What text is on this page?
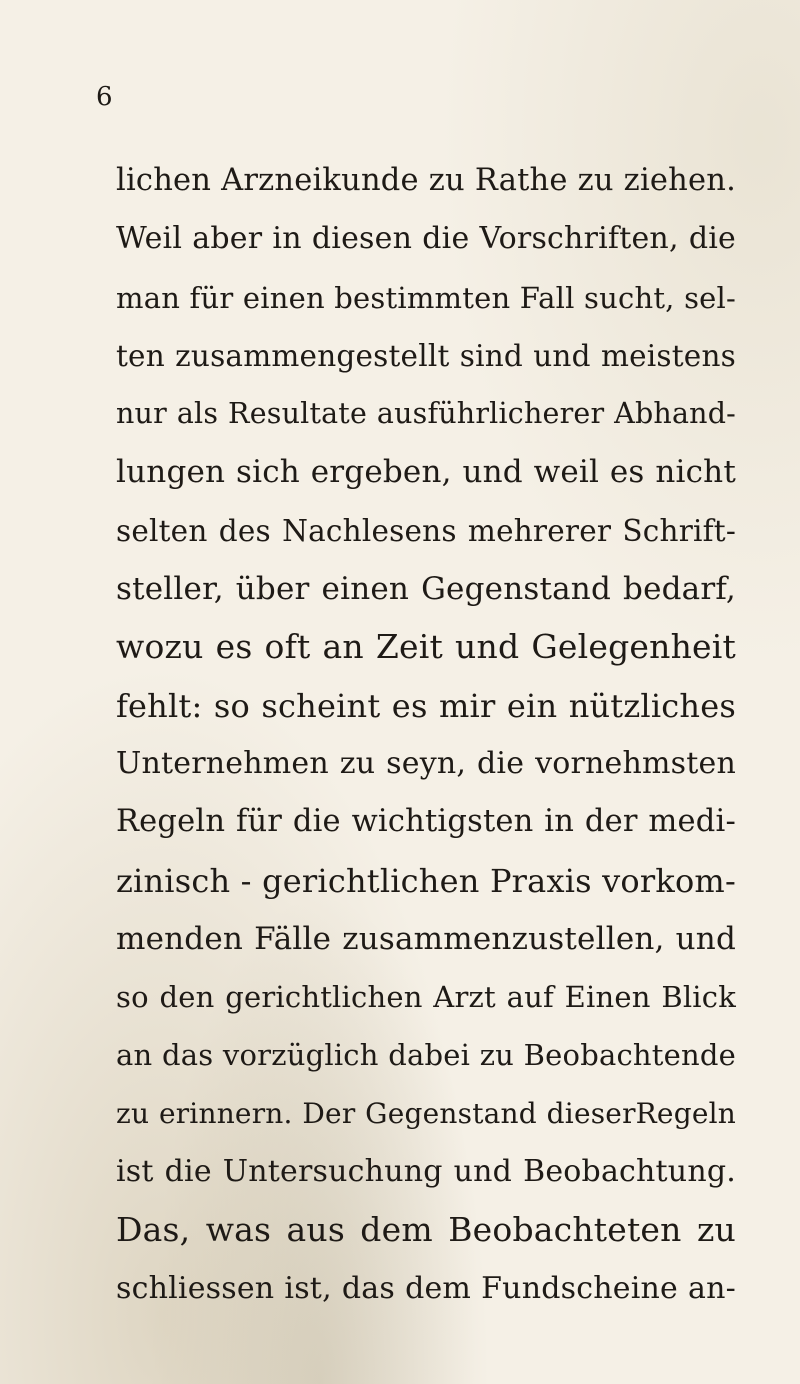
6
lichen Arzneikunde zu Rathe zu ziehen.
Weil aber in diesen die Vorschriften, die
man für einen bestimmten Fall sucht, sel-
ten zusammengestellt sind und meistens
nur als Resultate ausführlicherer Abhand-
lungen sich ergeben, und weil es nicht
selten des Nachlesens mehrerer Schrift-
steller, über einen Gegenstand bedarf,
wozu es oft an Zeit und Gelegenheit
fehlt: so scheint es mir ein nützliches
Unternehmen zu seyn, die vornehmsten
Regeln für die wichtigsten in der medi-
zinisch - gerichtlichen Praxis vorkom-
menden Fälle zusammenzustellen, und
so den gerichtlichen Arzt auf Einen Blick
an das vorzüglich dabei zu Beobachtende
zu erinnern. Der Gegenstand dieserRegeln
ist die Untersuchung und Beobachtung.
Das, was aus dem Beobachteten zu
schliessen ist, das dem Fundscheine an-
